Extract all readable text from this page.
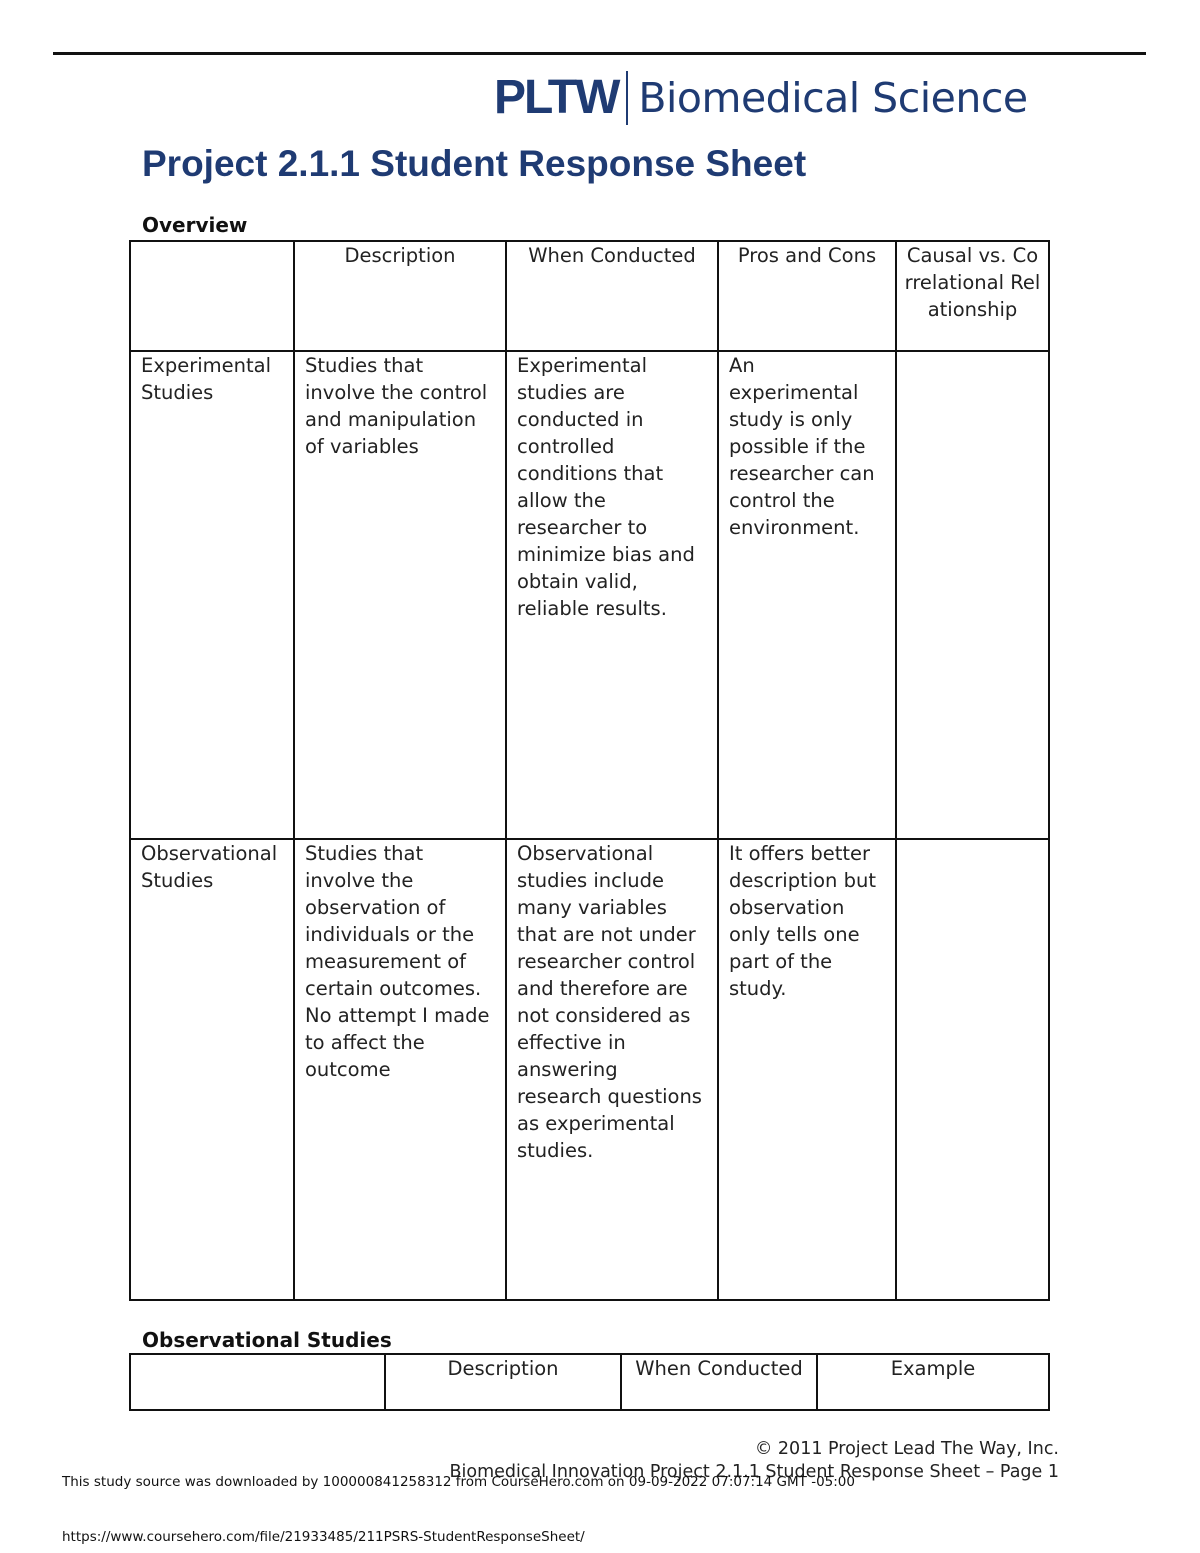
PLTW Biomedical Science
Project 2.1.1 Student Response Sheet
Overview
	Description	When Conducted	Pros and Cons	Causal vs. Correlational Relationship
Experimental Studies	Studies that involve the control and manipulation of variables	Experimental studies are conducted in controlled conditions that allow the researcher to minimize bias and obtain valid, reliable results.	An experimental study is only possible if the researcher can control the environment.	
Observational Studies	Studies that involve the observation of individuals or the measurement of certain outcomes. No attempt I made to affect the outcome	Observational studies include many variables that are not under researcher control and therefore are not considered as effective in answering research questions as experimental studies.	It offers better description but observation only tells one part of the study.	
Observational Studies
	Description	When Conducted	Example
© 2011 Project Lead The Way, Inc.
Biomedical Innovation Project 2.1.1 Student Response Sheet – Page 1
This study source was downloaded by 100000841258312 from CourseHero.com on 09-09-2022 07:07:14 GMT -05:00
https://www.coursehero.com/file/21933485/211PSRS-StudentResponseSheet/
